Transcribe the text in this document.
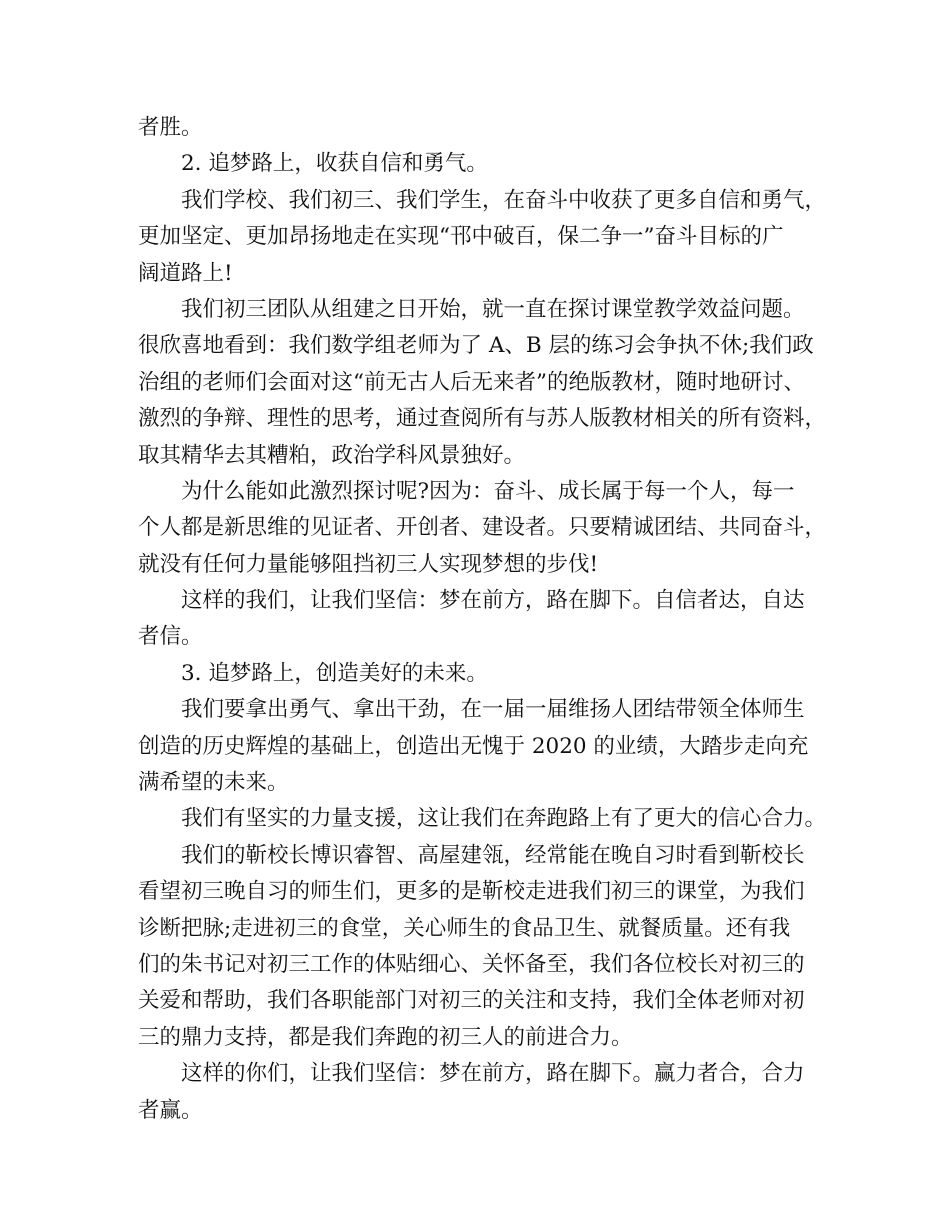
者胜。
2. 追梦路上，收获自信和勇气。
我们学校、我们初三、我们学生，在奋斗中收获了更多自信和勇气，
更加坚定、更加昂扬地走在实现“邗中破百，保二争一”奋斗目标的广
阔道路上!
我们初三团队从组建之日开始，就一直在探讨课堂教学效益问题。
很欣喜地看到：我们数学组老师为了 A、B 层的练习会争执不休;我们政
治组的老师们会面对这“前无古人后无来者”的绝版教材，随时地研讨、
激烈的争辩、理性的思考，通过查阅所有与苏人版教材相关的所有资料，
取其精华去其糟粕，政治学科风景独好。
为什么能如此激烈探讨呢?因为：奋斗、成长属于每一个人，每一
个人都是新思维的见证者、开创者、建设者。只要精诚团结、共同奋斗，
就没有任何力量能够阻挡初三人实现梦想的步伐!
这样的我们，让我们坚信：梦在前方，路在脚下。自信者达，自达
者信。
3. 追梦路上，创造美好的未来。
我们要拿出勇气、拿出干劲，在一届一届维扬人团结带领全体师生
创造的历史辉煌的基础上，创造出无愧于 2020 的业绩，大踏步走向充
满希望的未来。
我们有坚实的力量支援，这让我们在奔跑路上有了更大的信心合力。
我们的靳校长博识睿智、高屋建瓴，经常能在晚自习时看到靳校长
看望初三晚自习的师生们，更多的是靳校走进我们初三的课堂，为我们
诊断把脉;走进初三的食堂，关心师生的食品卫生、就餐质量。还有我
们的朱书记对初三工作的体贴细心、关怀备至，我们各位校长对初三的
关爱和帮助，我们各职能部门对初三的关注和支持，我们全体老师对初
三的鼎力支持，都是我们奔跑的初三人的前进合力。
这样的你们，让我们坚信：梦在前方，路在脚下。赢力者合，合力
者赢。
